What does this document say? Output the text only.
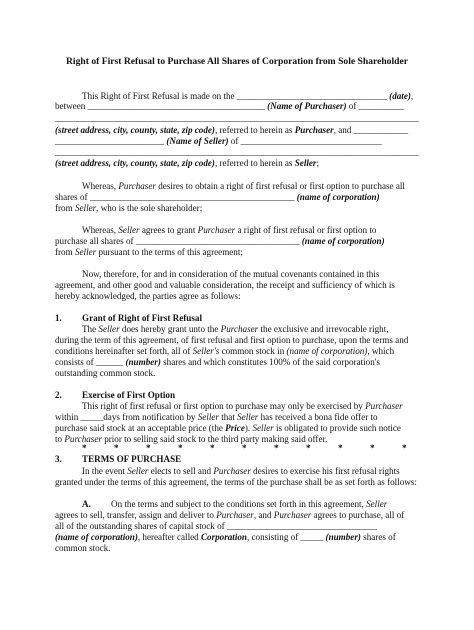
Right of First Refusal to Purchase All Shares of Corporation from Sole Shareholder
This Right of First Refusal is made on the _________________________________ (date),
between _______________________________________ (Name of Purchaser) of __________
________________________________________________________________________________
(street address, city, county, state, zip code), referred to herein as Purchaser, and ____________
________________________ (Name of Seller) of _______________________________
________________________________________________________________________________
(street address, city, county, state, zip code), referred to herein as Seller;
Whereas, Purchaser desires to obtain a right of first refusal or first option to purchase all
shares of _____________________________________________ (name of corporation)
from Seller, who is the sole shareholder;
Whereas, Seller agrees to grant Purchaser a right of first refusal or first option to
purchase all shares of ____________________________________ (name of corporation)
from Seller pursuant to the terms of this agreement;
Now, therefore, for and in consideration of the mutual covenants contained in this
agreement, and other good and valuable consideration, the receipt and sufficiency of which is
hereby acknowledged, the parties agree as follows:
1. Grant of Right of First Refusal
The Seller does hereby grant unto the Purchaser the exclusive and irrevocable right,
during the term of this agreement, of first refusal and first option to purchase, upon the terms and
conditions hereinafter set forth, all of Seller's common stock in (name of corporation), which
consists of ______ (number) shares and which constitutes 100% of the said corporation's
outstanding common stock.
2. Exercise of First Option
This right of first refusal or first option to purchase may only be exercised by Purchaser
within _____days from notification by Seller that Seller has received a bona fide offer to
purchase said stock at an acceptable price (the Price). Seller is obligated to provide such notice
to Purchaser prior to selling said stock to the third party making said offer.
*	*	*	*	*	*	*	*	*	*	*
3. TERMS OF PURCHASE
In the event Seller elects to sell and Purchaser desires to exercise his first refusal rights
granted under the terms of this agreement, the terms of the purchase shall be as set forth as follows:
A. On the terms and subject to the conditions set forth in this agreement, Seller
agrees to sell, transfer, assign and deliver to Purchaser, and Purchaser agrees to purchase, all of
all of the outstanding shares of capital stock of _________________________________
(name of corporation), hereafter called Corporation, consisting of _____ (number) shares of
common stock.
